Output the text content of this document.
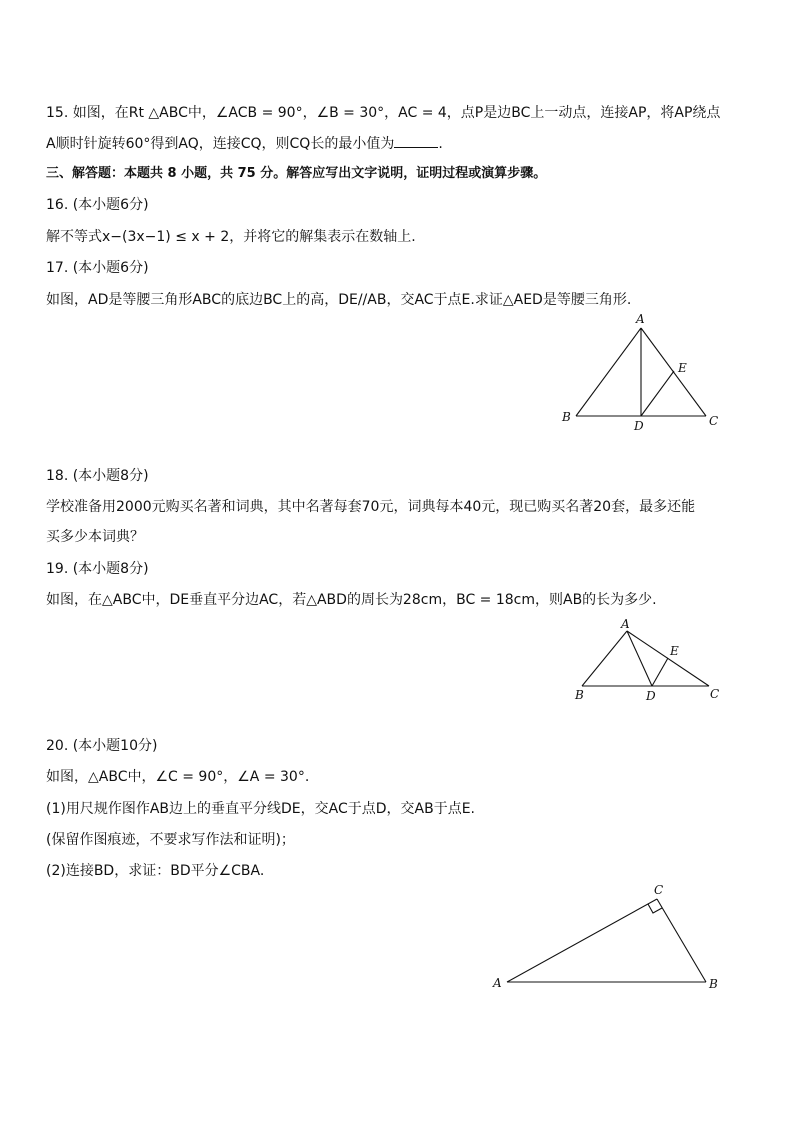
15. 如图，在Rt △ABC中，∠ACB = 90°，∠B = 30°，AC = 4，点P是边BC上一动点，连接AP，将AP绕点
A顺时针旋转60°得到AQ，连接CQ，则CQ长的最小值为	.
三、解答题：本题共 8 小题，共 75 分。解答应写出文字说明，证明过程或演算步骤。
16. (本小题6分)
解不等式x−(3x−1) ≤ x + 2，并将它的解集表示在数轴上.
17. (本小题6分)
如图，AD是等腰三角形ABC的底边BC上的高，DE//AB，交AC于点E.求证△AED是等腰三角形.
A
B	C
D
E
18. (本小题8分)
学校准备用2000元购买名著和词典，其中名著每套70元，词典每本40元，现已购买名著20套，最多还能
买多少本词典？
19. (本小题8分)
如图，在△ABC中，DE垂直平分边AC，若△ABD的周长为28cm，BC = 18cm，则AB的长为多少.
A
B	C
D
E
20. (本小题10分)
如图，△ABC中，∠C = 90°，∠A = 30°.
(1)用尺规作图作AB边上的垂直平分线DE，交AC于点D，交AB于点E.
(保留作图痕迹，不要求写作法和证明)；
(2)连接BD，求证：BD平分∠CBA.
A	B
C
